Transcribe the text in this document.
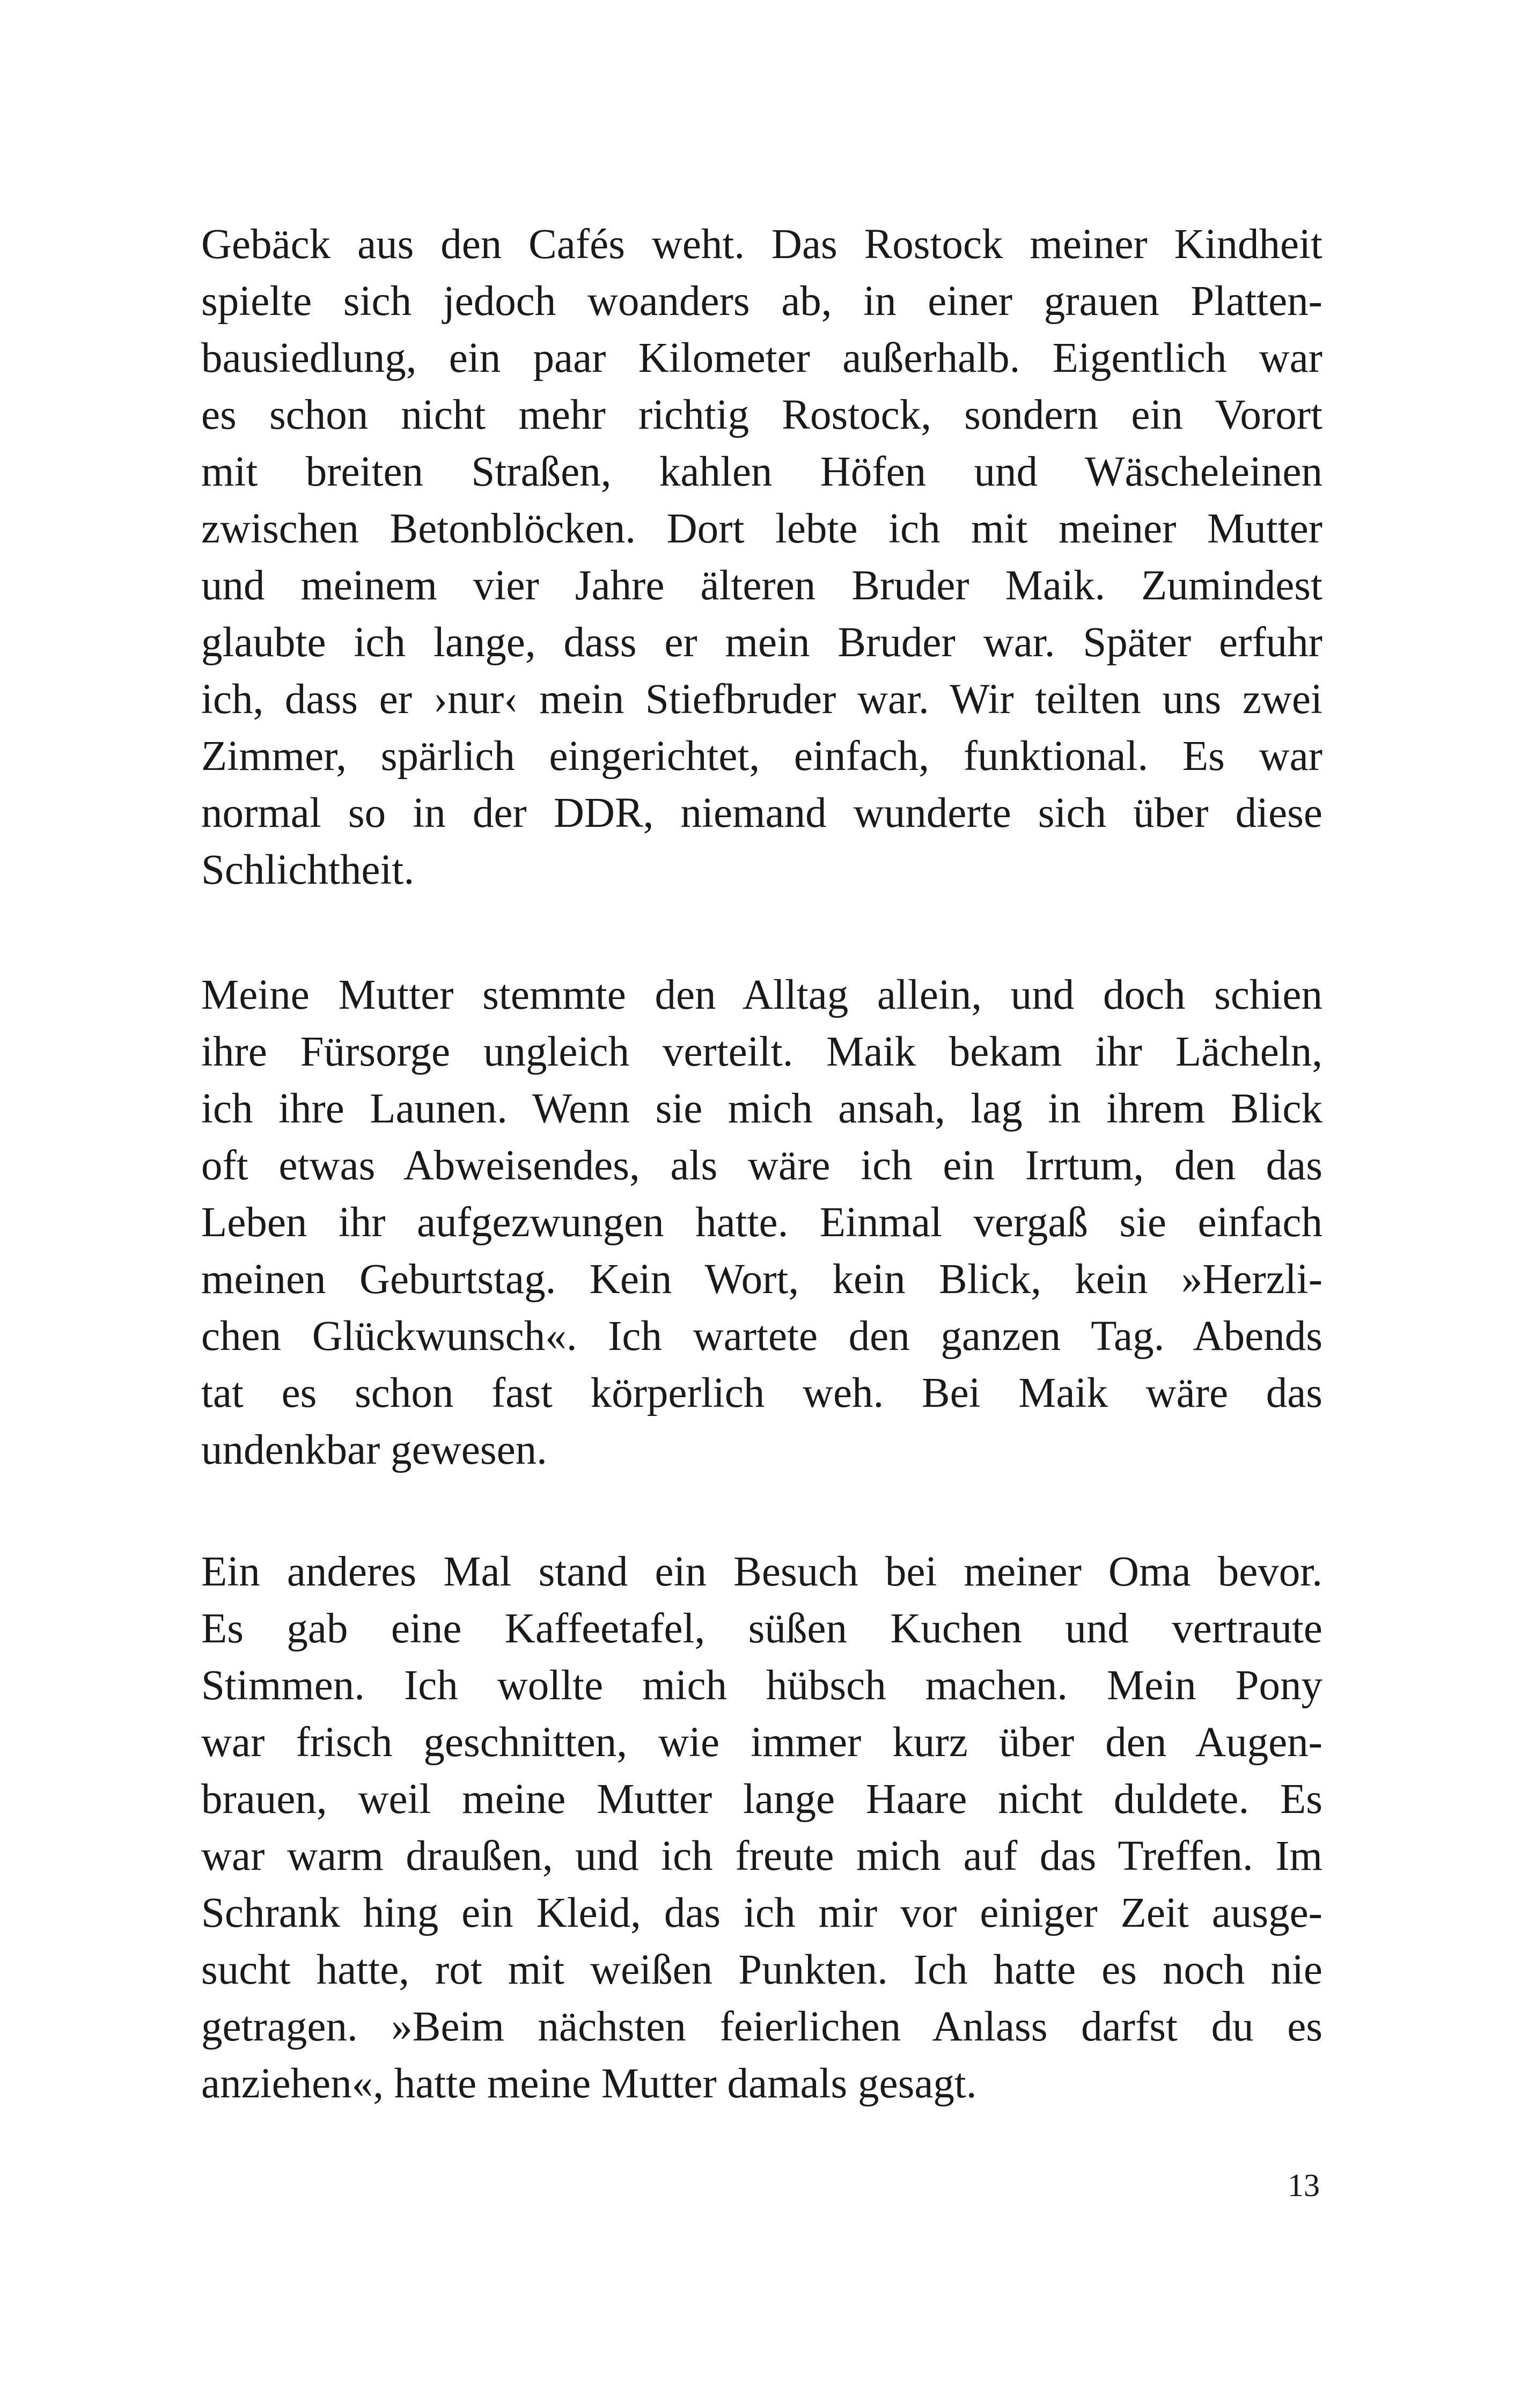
Gebäck aus den Cafés weht. Das Rostock meiner Kindheit
spielte sich jedoch woanders ab, in einer grauen Platten-
bausiedlung, ein paar Kilometer außerhalb. Eigentlich war
es schon nicht mehr richtig Rostock, sondern ein Vorort
mit breiten Straßen, kahlen Höfen und Wäscheleinen
zwischen Betonblöcken. Dort lebte ich mit meiner Mutter
und meinem vier Jahre älteren Bruder Maik. Zumindest
glaubte ich lange, dass er mein Bruder war. Später erfuhr
ich, dass er ›nur‹ mein Stiefbruder war. Wir teilten uns zwei
Zimmer, spärlich eingerichtet, einfach, funktional. Es war
normal so in der DDR, niemand wunderte sich über diese
Schlichtheit.
Meine Mutter stemmte den Alltag allein, und doch schien
ihre Fürsorge ungleich verteilt. Maik bekam ihr Lächeln,
ich ihre Launen. Wenn sie mich ansah, lag in ihrem Blick
oft etwas Abweisendes, als wäre ich ein Irrtum, den das
Leben ihr aufgezwungen hatte. Einmal vergaß sie einfach
meinen Geburtstag. Kein Wort, kein Blick, kein »Herzli-
chen Glückwunsch«. Ich wartete den ganzen Tag. Abends
tat es schon fast körperlich weh. Bei Maik wäre das
undenkbar gewesen.
Ein anderes Mal stand ein Besuch bei meiner Oma bevor.
Es gab eine Kaffeetafel, süßen Kuchen und vertraute
Stimmen. Ich wollte mich hübsch machen. Mein Pony
war frisch geschnitten, wie immer kurz über den Augen-
brauen, weil meine Mutter lange Haare nicht duldete. Es
war warm draußen, und ich freute mich auf das Treffen. Im
Schrank hing ein Kleid, das ich mir vor einiger Zeit ausge-
sucht hatte, rot mit weißen Punkten. Ich hatte es noch nie
getragen. »Beim nächsten feierlichen Anlass darfst du es
anziehen«, hatte meine Mutter damals gesagt.
13
